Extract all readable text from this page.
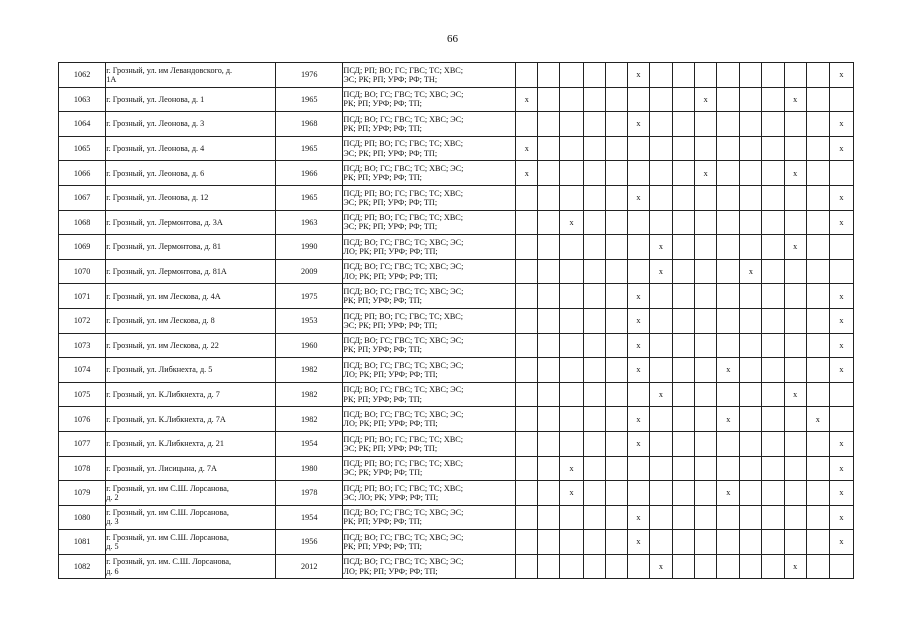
66
1062	г. Грозный, ул. им Левандовского, д.
1А	1976	ПСД; РП; ВО; ГС; ГВС; ТС; ХВС;
ЭС; РК; РП; УРФ; РФ; ТН;						x									x
1063	г. Грозный, ул. Леонова, д. 1	1965	ПСД; ВО; ГС; ГВС; ТС; ХВС; ЭС;
РК; РП; УРФ; РФ; ТП;	x								x				x		
1064	г. Грозный, ул. Леонова, д. 3	1968	ПСД; ВО; ГС; ГВС; ТС; ХВС; ЭС;
РК; РП; УРФ; РФ; ТП;						x									x
1065	г. Грозный, ул. Леонова, д. 4	1965	ПСД; РП; ВО; ГС; ГВС; ТС; ХВС;
ЭС; РК; РП; УРФ; РФ; ТП;	x														x
1066	г. Грозный, ул. Леонова, д. 6	1966	ПСД; ВО; ГС; ГВС; ТС; ХВС; ЭС;
РК; РП; УРФ; РФ; ТП;	x								x				x		
1067	г. Грозный, ул. Леонова, д. 12	1965	ПСД; РП; ВО; ГС; ГВС; ТС; ХВС;
ЭС; РК; РП; УРФ; РФ; ТП;						x									x
1068	г. Грозный, ул. Лермонтова, д. 3А	1963	ПСД; РП; ВО; ГС; ГВС; ТС; ХВС;
ЭС; РК; РП; УРФ; РФ; ТП;			x												x
1069	г. Грозный, ул. Лермонтова, д. 81	1990	ПСД; ВО; ГС; ГВС; ТС; ХВС; ЭС;
ЛО; РК; РП; УРФ; РФ; ТП;							x						x		
1070	г. Грозный, ул. Лермонтова, д. 81А	2009	ПСД; ВО; ГС; ГВС; ТС; ХВС; ЭС;
ЛО; РК; РП; УРФ; РФ; ТП;							x				x				
1071	г. Грозный, ул. им Лескова, д. 4А	1975	ПСД; ВО; ГС; ГВС; ТС; ХВС; ЭС;
РК; РП; УРФ; РФ; ТП;						x									x
1072	г. Грозный, ул. им Лескова, д. 8	1953	ПСД; РП; ВО; ГС; ГВС; ТС; ХВС;
ЭС; РК; РП; УРФ; РФ; ТП;						x									x
1073	г. Грозный, ул. им Лескова, д. 22	1960	ПСД; ВО; ГС; ГВС; ТС; ХВС; ЭС;
РК; РП; УРФ; РФ; ТП;						x									x
1074	г. Грозный, ул. Либкнехта, д. 5	1982	ПСД; ВО; ГС; ГВС; ТС; ХВС; ЭС;
ЛО; РК; РП; УРФ; РФ; ТП;						x				x					x
1075	г. Грозный, ул. К.Либкнехта, д. 7	1982	ПСД; ВО; ГС; ГВС; ТС; ХВС; ЭС;
РК; РП; УРФ; РФ; ТП;							x						x		
1076	г. Грозный, ул. К.Либкнехта, д. 7А	1982	ПСД; ВО; ГС; ГВС; ТС; ХВС; ЭС;
ЛО; РК; РП; УРФ; РФ; ТП;						x				x				x	
1077	г. Грозный, ул. К.Либкнехта, д. 21	1954	ПСД; РП; ВО; ГС; ГВС; ТС; ХВС;
ЭС; РК; РП; УРФ; РФ; ТП;						x									x
1078	г. Грозный, ул. Лисицына, д. 7А	1980	ПСД; РП; ВО; ГС; ГВС; ТС; ХВС;
ЭС; РК; УРФ; РФ; ТП;			x												x
1079	г. Грозный, ул. им С.Ш. Лорсанова,
д. 2	1978	ПСД; РП; ВО; ГС; ГВС; ТС; ХВС;
ЭС; ЛО; РК; УРФ; РФ; ТП;			x							x					x
1080	г. Грозный, ул. им С.Ш. Лорсанова,
д. 3	1954	ПСД; ВО; ГС; ГВС; ТС; ХВС; ЭС;
РК; РП; УРФ; РФ; ТП;						x									x
1081	г. Грозный, ул. им С.Ш. Лорсанова,
д. 5	1956	ПСД; ВО; ГС; ГВС; ТС; ХВС; ЭС;
РК; РП; УРФ; РФ; ТП;						x									x
1082	г. Грозный, ул. им. С.Ш. Лорсанова,
д. 6	2012	ПСД; ВО; ГС; ГВС; ТС; ХВС; ЭС;
ЛО; РК; РП; УРФ; РФ; ТП;							x						x		
